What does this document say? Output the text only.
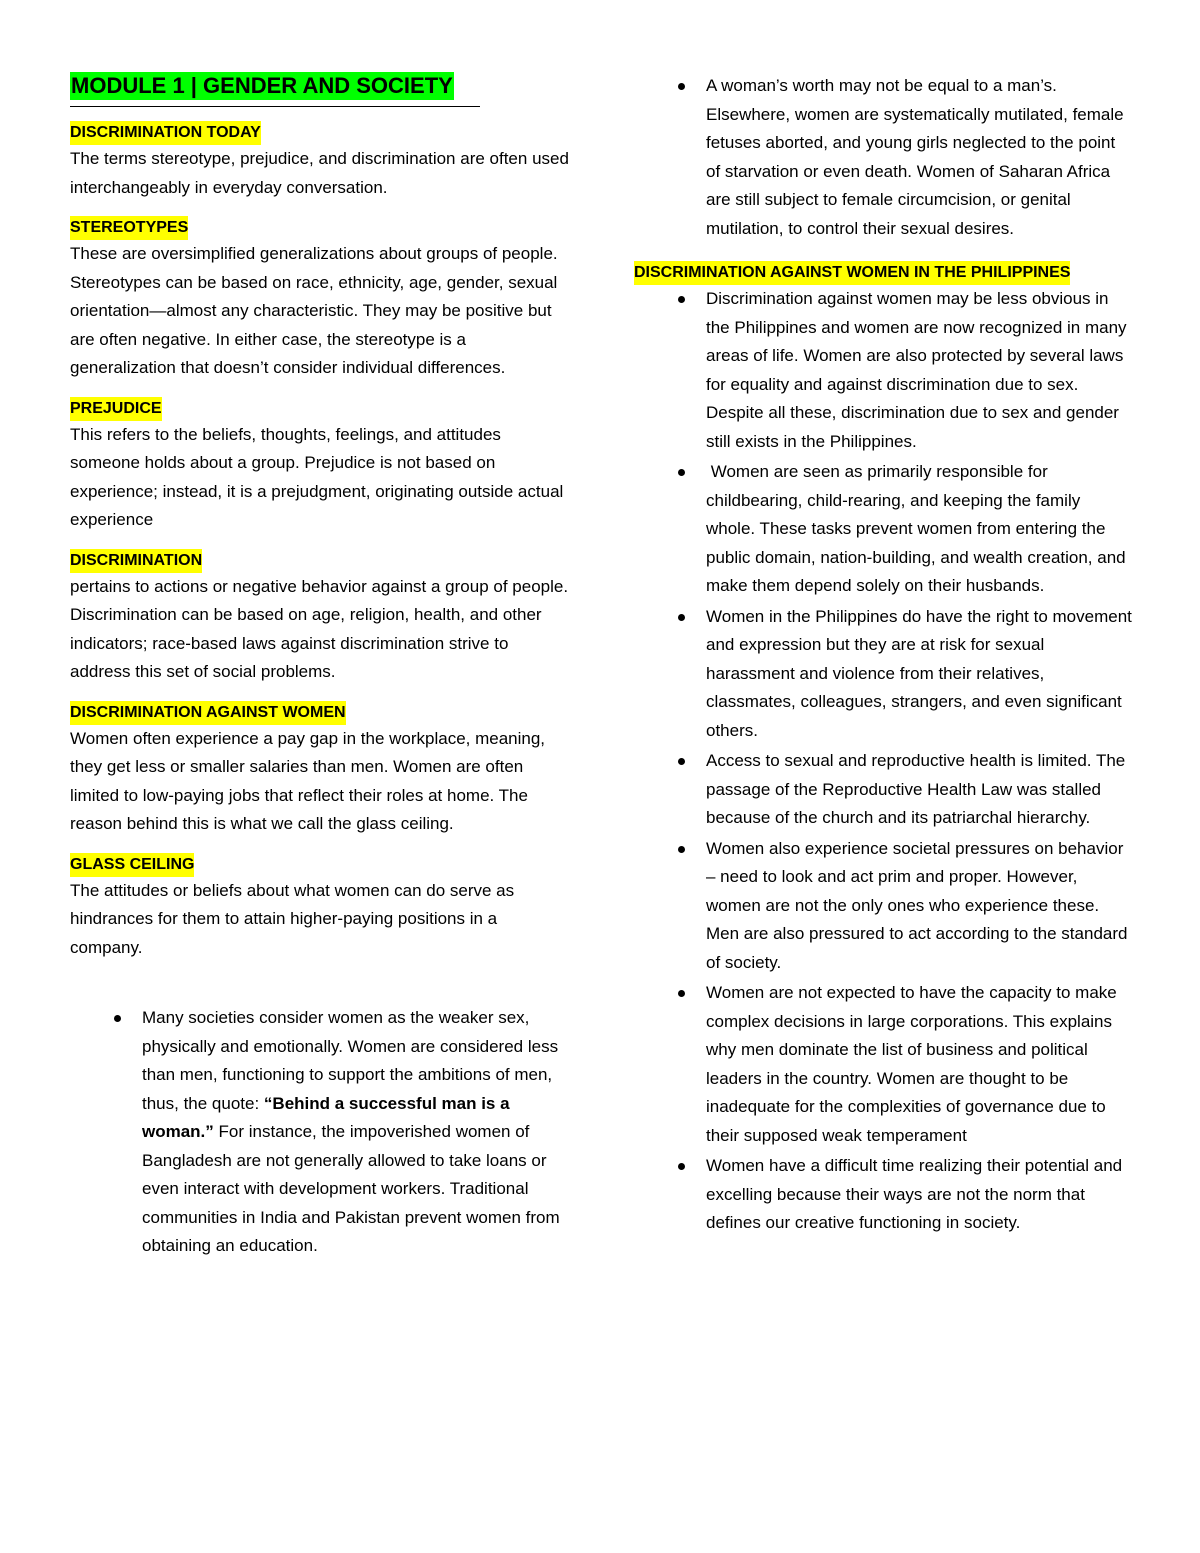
MODULE 1 | GENDER AND SOCIETY
DISCRIMINATION TODAY

The terms stereotype, prejudice, and discrimination are often used interchangeably in everyday conversation.

STEREOTYPES

These are oversimplified generalizations about groups of people. Stereotypes can be based on race, ethnicity, age, gender, sexual orientation—almost any characteristic. They may be positive but are often negative. In either case, the stereotype is a generalization that doesn’t consider individual differences.

PREJUDICE

This refers to the beliefs, thoughts, feelings, and attitudes someone holds about a group. Prejudice is not based on experience; instead, it is a prejudgment, originating outside actual experience

DISCRIMINATION

pertains to actions or negative behavior against a group of people. Discrimination can be based on age, religion, health, and other indicators; race-based laws against discrimination strive to address this set of social problems.

DISCRIMINATION AGAINST WOMEN

Women often experience a pay gap in the workplace, meaning, they get less or smaller salaries than men. Women are often limited to low-paying jobs that reflect their roles at home. The reason behind this is what we call the glass ceiling.

GLASS CEILING

The attitudes or beliefs about what women can do serve as hindrances for them to attain higher-paying positions in a company.

Many societies consider women as the weaker sex, physically and emotionally. Women are considered less than men, functioning to support the ambitions of men, thus, the quote: “Behind a successful man is a woman.” For instance, the impoverished women of Bangladesh are not generally allowed to take loans or even interact with development workers. Traditional communities in India and Pakistan prevent women from obtaining an education.
A woman’s worth may not be equal to a man’s. Elsewhere, women are systematically mutilated, female fetuses aborted, and young girls neglected to the point of starvation or even death. Women of Saharan Africa are still subject to female circumcision, or genital mutilation, to control their sexual desires.
DISCRIMINATION AGAINST WOMEN IN THE PHILIPPINES
Discrimination against women may be less obvious in the Philippines and women are now recognized in many areas of life. Women are also protected by several laws for equality and against discrimination due to sex. Despite all these, discrimination due to sex and gender still exists in the Philippines.
Women are seen as primarily responsible for childbearing, child-rearing, and keeping the family whole. These tasks prevent women from entering the public domain, nation-building, and wealth creation, and make them depend solely on their husbands.
Women in the Philippines do have the right to movement and expression but they are at risk for sexual harassment and violence from their relatives, classmates, colleagues, strangers, and even significant others.
Access to sexual and reproductive health is limited. The passage of the Reproductive Health Law was stalled because of the church and its patriarchal hierarchy.
Women also experience societal pressures on behavior – need to look and act prim and proper. However, women are not the only ones who experience these. Men are also pressured to act according to the standard of society.
Women are not expected to have the capacity to make complex decisions in large corporations. This explains why men dominate the list of business and political leaders in the country. Women are thought to be inadequate for the complexities of governance due to their supposed weak temperament
Women have a difficult time realizing their potential and excelling because their ways are not the norm that defines our creative functioning in society.
